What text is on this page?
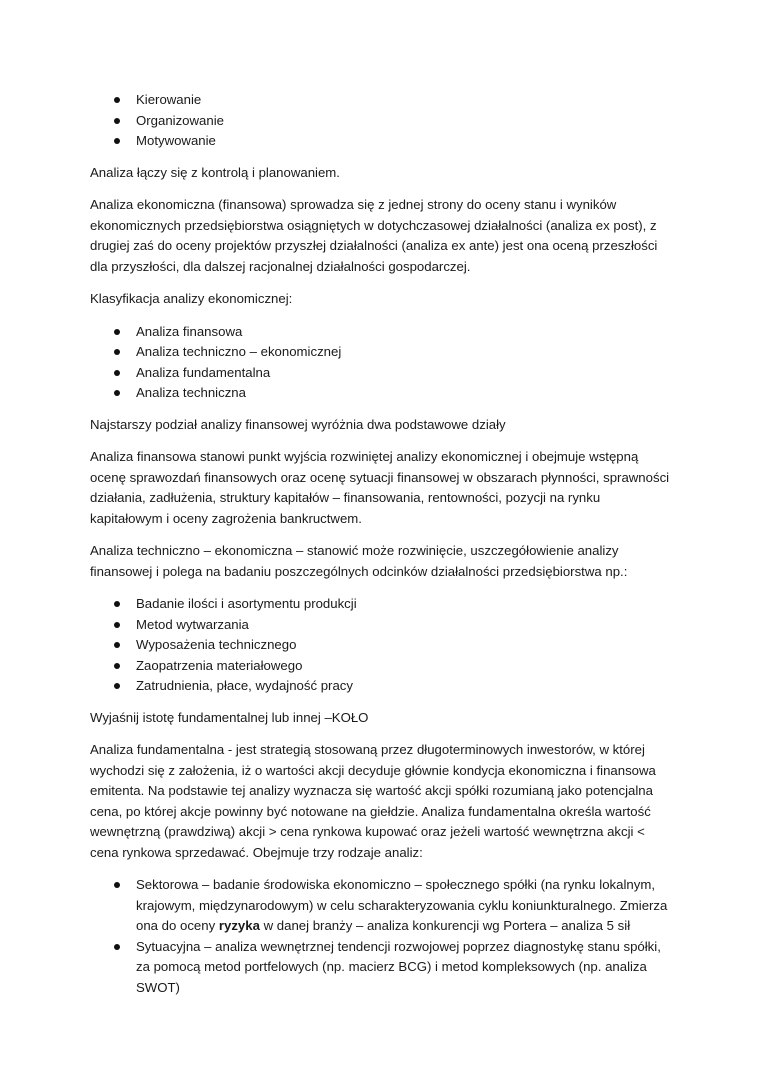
Kierowanie
Organizowanie
Motywowanie

Analiza łączy się z kontrolą i planowaniem.

Analiza ekonomiczna (finansowa) sprowadza się z jednej strony do oceny stanu i wyników ekonomicznych przedsiębiorstwa osiągniętych w dotychczasowej działalności (analiza ex post), z drugiej zaś do oceny projektów przyszłej działalności (analiza ex ante) jest ona oceną przeszłości dla przyszłości, dla dalszej racjonalnej działalności gospodarczej.

Klasyfikacja analizy ekonomicznej:

Analiza finansowa
Analiza techniczno – ekonomicznej
Analiza fundamentalna
Analiza techniczna

Najstarszy podział analizy finansowej wyróżnia dwa podstawowe działy

Analiza finansowa stanowi punkt wyjścia rozwiniętej analizy ekonomicznej i obejmuje wstępną ocenę sprawozdań finansowych oraz ocenę sytuacji finansowej w obszarach płynności, sprawności działania, zadłużenia, struktury kapitałów – finansowania, rentowności, pozycji na rynku kapitałowym i oceny zagrożenia bankructwem.

Analiza techniczno – ekonomiczna – stanowić może rozwinięcie, uszczegółowienie analizy finansowej i polega na badaniu poszczególnych odcinków działalności przedsiębiorstwa np.:

Badanie ilości i asortymentu produkcji
Metod wytwarzania
Wyposażenia technicznego
Zaopatrzenia materiałowego
Zatrudnienia, płace, wydajność pracy

Wyjaśnij istotę fundamentalnej lub innej –KOŁO

Analiza fundamentalna - jest strategią stosowaną przez długoterminowych inwestorów, w której wychodzi się z założenia, iż o wartości akcji decyduje głównie kondycja ekonomiczna i finansowa emitenta. Na podstawie tej analizy wyznacza się wartość akcji spółki rozumianą jako potencjalna cena, po której akcje powinny być notowane na giełdzie. Analiza fundamentalna określa wartość wewnętrzną (prawdziwą) akcji > cena rynkowa kupować oraz jeżeli wartość wewnętrzna akcji < cena rynkowa sprzedawać. Obejmuje trzy rodzaje analiz:

Sektorowa – badanie środowiska ekonomiczno – społecznego spółki (na rynku lokalnym, krajowym, międzynarodowym) w celu scharakteryzowania cyklu koniunkturalnego. Zmierza ona do oceny ryzyka w danej branży – analiza konkurencji wg Portera – analiza 5 sił
Sytuacyjna – analiza wewnętrznej tendencji rozwojowej poprzez diagnostykę stanu spółki, za pomocą metod portfelowych (np. macierz BCG) i metod kompleksowych (np. analiza SWOT)
